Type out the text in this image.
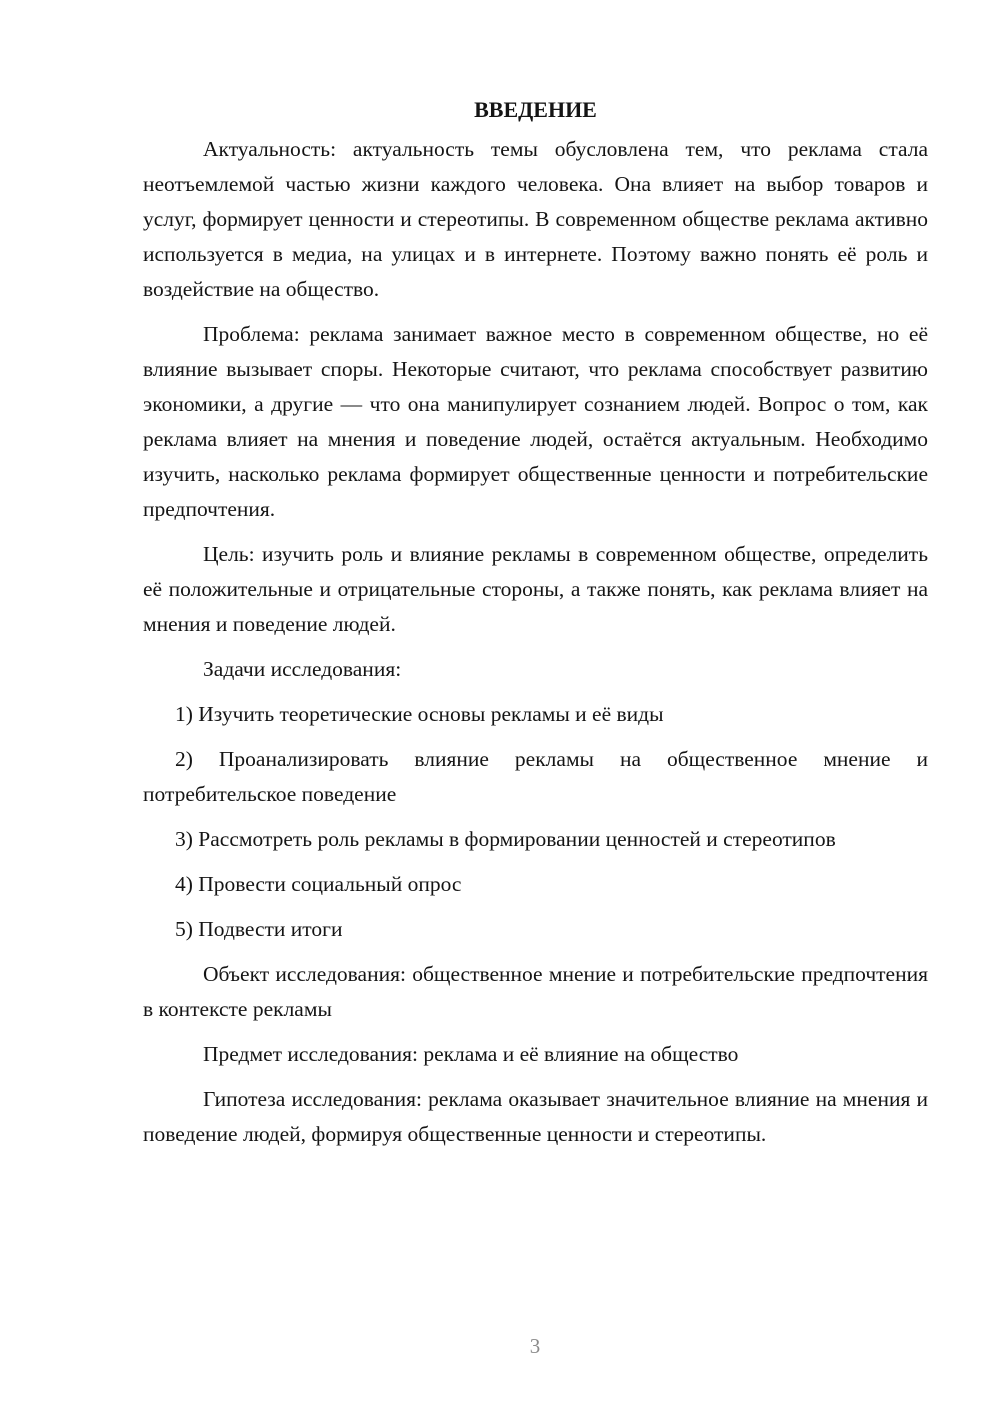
ВВЕДЕНИЕ

Актуальность: актуальность темы обусловлена тем, что реклама стала неотъемлемой частью жизни каждого человека. Она влияет на выбор товаров и услуг, формирует ценности и стереотипы. В современном обществе реклама активно используется в медиа, на улицах и в интернете. Поэтому важно понять её роль и воздействие на общество.

Проблема: реклама занимает важное место в современном обществе, но её влияние вызывает споры. Некоторые считают, что реклама способствует развитию экономики, а другие — что она манипулирует сознанием людей. Вопрос о том, как реклама влияет на мнения и поведение людей, остаётся актуальным. Необходимо изучить, насколько реклама формирует общественные ценности и потребительские предпочтения.

Цель: изучить роль и влияние рекламы в современном обществе, определить её положительные и отрицательные стороны, а также понять, как реклама влияет на мнения и поведение людей.

Задачи исследования:

1) Изучить теоретические основы рекламы и её виды

2) Проанализировать влияние рекламы на общественное мнение и потребительское поведение

3) Рассмотреть роль рекламы в формировании ценностей и стереотипов

4) Провести социальный опрос

5) Подвести итоги

Объект исследования: общественное мнение и потребительские предпочтения в контексте рекламы

Предмет исследования: реклама и её влияние на общество

Гипотеза исследования: реклама оказывает значительное влияние на мнения и поведение людей, формируя общественные ценности и стереотипы.

3
